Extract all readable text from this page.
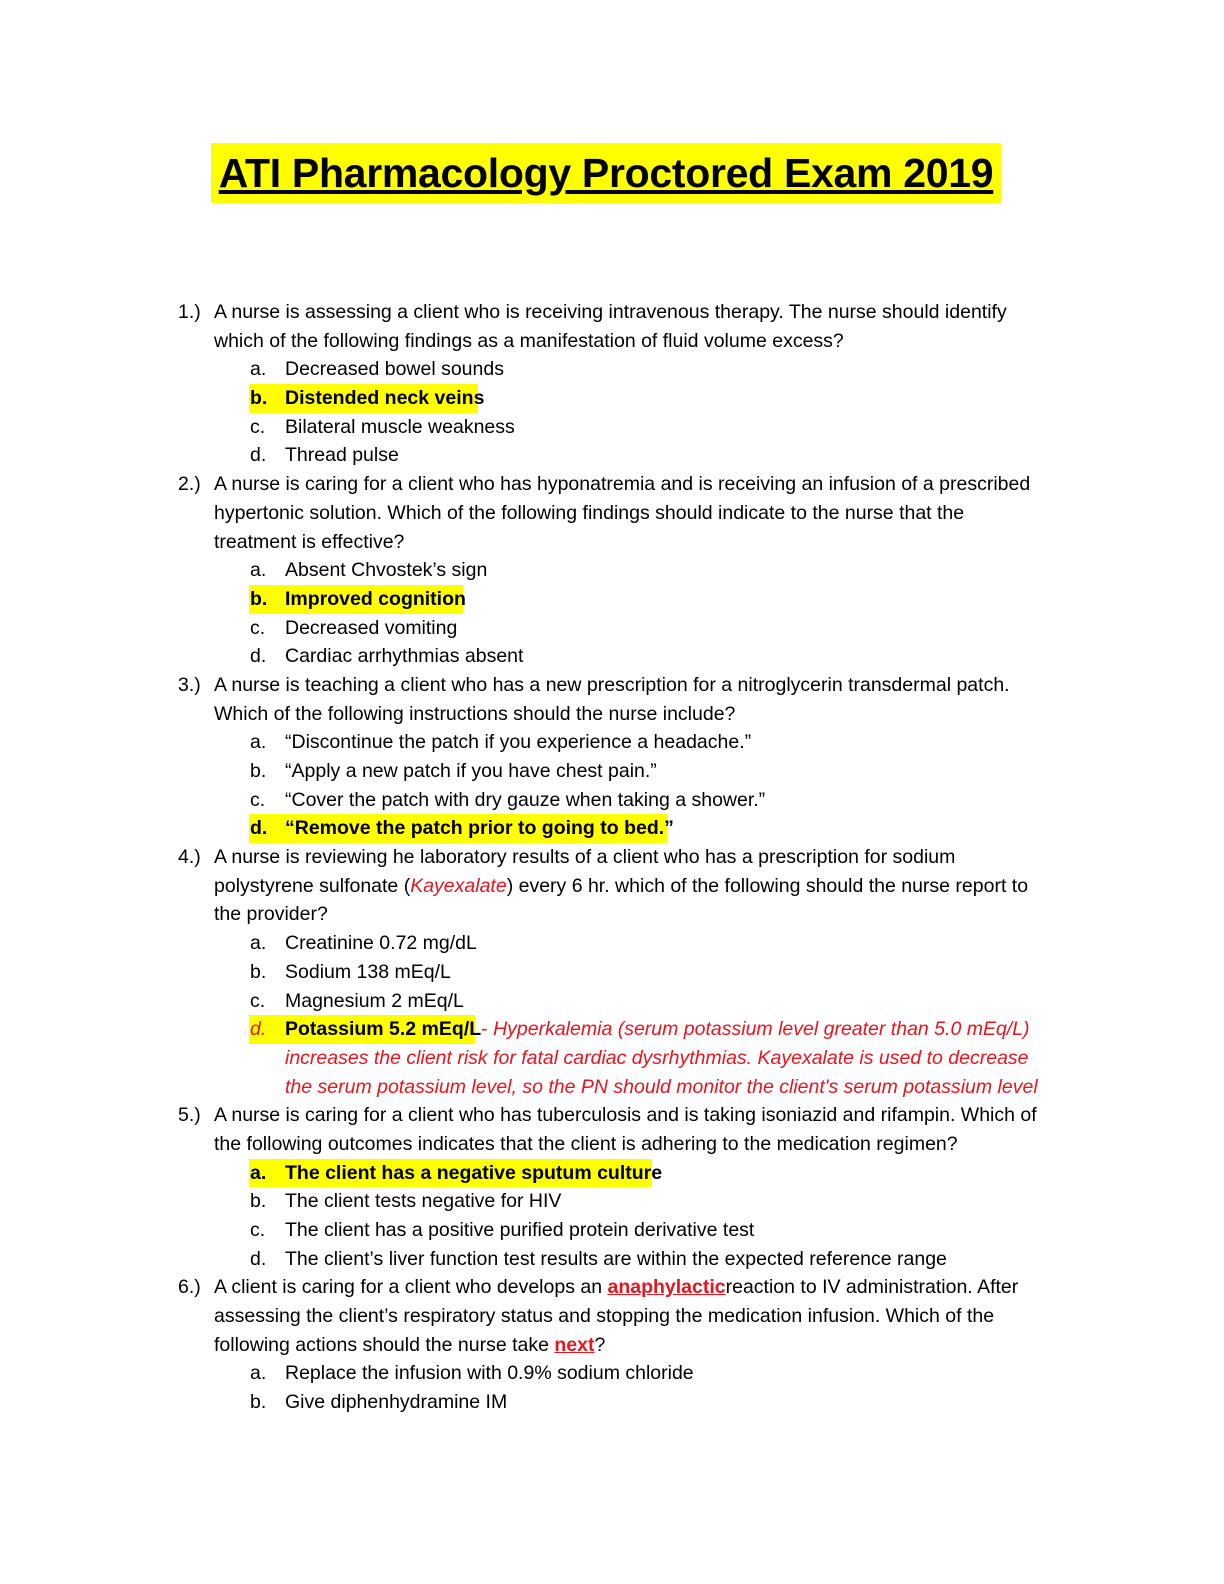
ATI Pharmacology Proctored Exam 2019
1.) A nurse is assessing a client who is receiving intravenous therapy. The nurse should identify
which of the following findings as a manifestation of fluid volume excess?
a. Decreased bowel sounds
b. Distended neck veins
c. Bilateral muscle weakness
d. Thread pulse
2.) A nurse is caring for a client who has hyponatremia and is receiving an infusion of a prescribed
hypertonic solution. Which of the following findings should indicate to the nurse that the
treatment is effective?
a. Absent Chvostek’s sign
b. Improved cognition
c. Decreased vomiting
d. Cardiac arrhythmias absent
3.) A nurse is teaching a client who has a new prescription for a nitroglycerin transdermal patch.
Which of the following instructions should the nurse include?
a. “Discontinue the patch if you experience a headache.”
b. “Apply a new patch if you have chest pain.”
c. “Cover the patch with dry gauze when taking a shower.”
d. “Remove the patch prior to going to bed.”
4.) A nurse is reviewing he laboratory results of a client who has a prescription for sodium
polystyrene sulfonate (Kayexalate) every 6 hr. which of the following should the nurse report to
the provider?
a. Creatinine 0.72 mg/dL
b. Sodium 138 mEq/L
c. Magnesium 2 mEq/L
d. Potassium 5.2 mEq/L- Hyperkalemia (serum potassium level greater than 5.0 mEq/L)
increases the client risk for fatal cardiac dysrhythmias. Kayexalate is used to decrease
the serum potassium level, so the PN should monitor the client's serum potassium level
5.) A nurse is caring for a client who has tuberculosis and is taking isoniazid and rifampin. Which of
the following outcomes indicates that the client is adhering to the medication regimen?
a. The client has a negative sputum culture
b. The client tests negative for HIV
c. The client has a positive purified protein derivative test
d. The client’s liver function test results are within the expected reference range
6.) A client is caring for a client who develops an anaphylacticreaction to IV administration. After
assessing the client’s respiratory status and stopping the medication infusion. Which of the
following actions should the nurse take next?
a. Replace the infusion with 0.9% sodium chloride
b. Give diphenhydramine IM
